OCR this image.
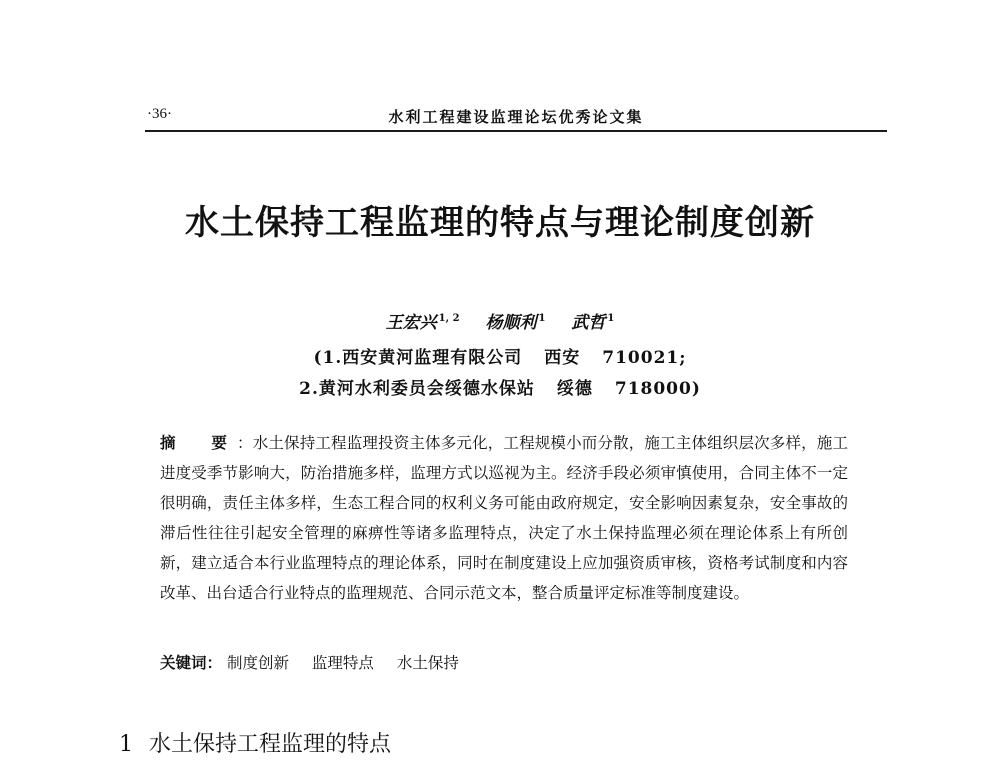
·36·	水利工程建设监理论坛优秀论文集
水土保持工程监理的特点与理论制度创新
王宏兴 $^{1, 2}$ 杨顺利 $^1$ 武哲 $^1$
(1.西安黄河监理有限公司 西安 710021;
2.黄河水利委员会绥德水保站 绥德 718000)
摘　要：水土保持工程监理投资主体多元化，工程规模小而分散，施工主体组织层次多样，施工进度受季节影响大，防治措施多样，监理方式以巡视为主。经济手段必须审慎使用，合同主体不一定很明确，责任主体多样，生态工程合同的权利义务可能由政府规定，安全影响因素复杂，安全事故的滞后性往往引起安全管理的麻痹性等诸多监理特点，决定了水土保持监理必须在理论体系上有所创新，建立适合本行业监理特点的理论体系，同时在制度建设上应加强资质审核，资格考试制度和内容改革、出台适合行业特点的监理规范、合同示范文本，整合质量评定标准等制度建设。
关键词： 制度创新 监理特点 水土保持
1 水土保持工程监理的特点
